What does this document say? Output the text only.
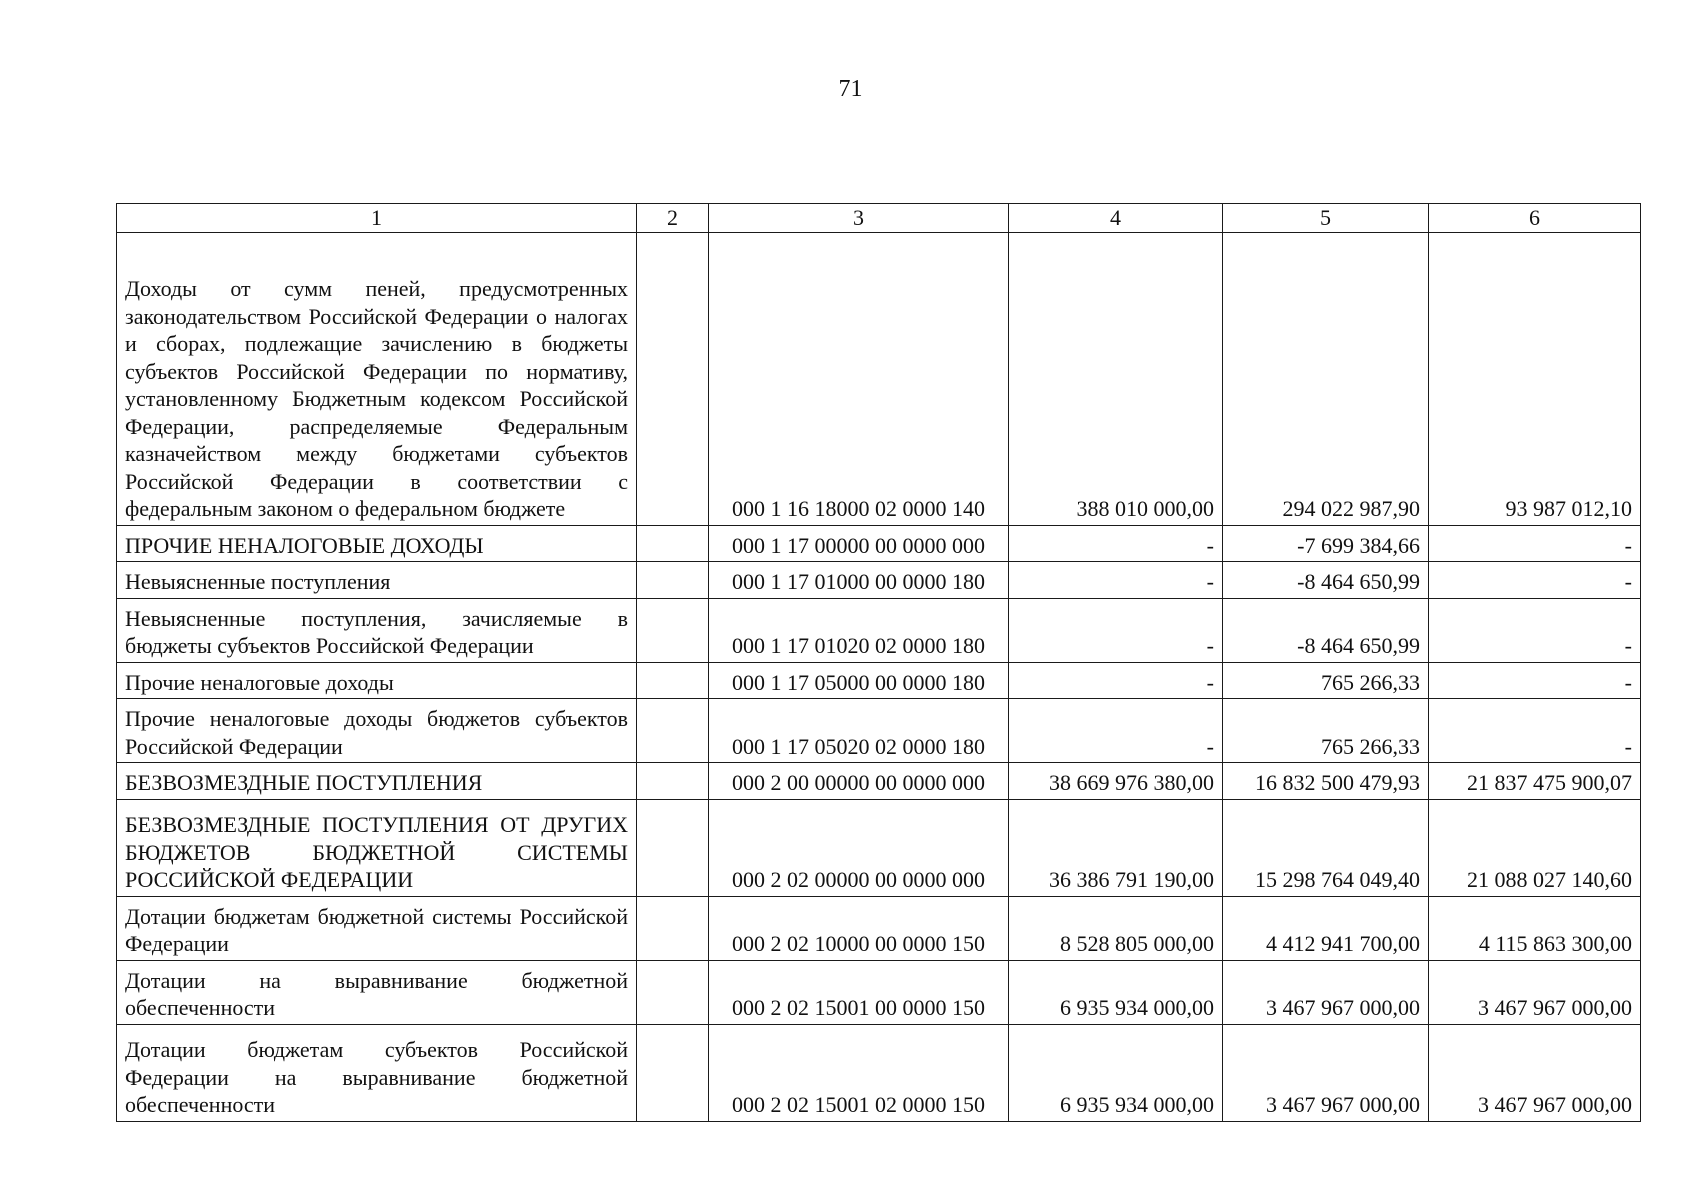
71
1	2	3	4	5	6
Доходы от сумм пеней, предусмотренных законодательством Российской Федерации о налогах и сборах, подлежащие зачислению в бюджеты субъектов Российской Федерации по нормативу, установленному Бюджетным кодексом Российской Федерации, распределяемые Федеральным казначейством между бюджетами субъектов Российской Федерации в соответствии с федеральным законом о федеральном бюджете		000 1 16 18000 02 0000 140	388 010 000,00	294 022 987,90	93 987 012,10
ПРОЧИЕ НЕНАЛОГОВЫЕ ДОХОДЫ		000 1 17 00000 00 0000 000	-	-7 699 384,66	-
Невыясненные поступления		000 1 17 01000 00 0000 180	-	-8 464 650,99	-
Невыясненные поступления, зачисляемые в бюджеты субъектов Российской Федерации		000 1 17 01020 02 0000 180	-	-8 464 650,99	-
Прочие неналоговые доходы		000 1 17 05000 00 0000 180	-	765 266,33	-
Прочие неналоговые доходы бюджетов субъектов Российской Федерации		000 1 17 05020 02 0000 180	-	765 266,33	-
БЕЗВОЗМЕЗДНЫЕ ПОСТУПЛЕНИЯ		000 2 00 00000 00 0000 000	38 669 976 380,00	16 832 500 479,93	21 837 475 900,07
БЕЗВОЗМЕЗДНЫЕ ПОСТУПЛЕНИЯ ОТ ДРУГИХ БЮДЖЕТОВ БЮДЖЕТНОЙ СИСТЕМЫ РОССИЙСКОЙ ФЕДЕРАЦИИ		000 2 02 00000 00 0000 000	36 386 791 190,00	15 298 764 049,40	21 088 027 140,60
Дотации бюджетам бюджетной системы Российской Федерации		000 2 02 10000 00 0000 150	8 528 805 000,00	4 412 941 700,00	4 115 863 300,00
Дотации на выравнивание бюджетной обеспеченности		000 2 02 15001 00 0000 150	6 935 934 000,00	3 467 967 000,00	3 467 967 000,00
Дотации бюджетам субъектов Российской Федерации на выравнивание бюджетной обеспеченности		000 2 02 15001 02 0000 150	6 935 934 000,00	3 467 967 000,00	3 467 967 000,00
